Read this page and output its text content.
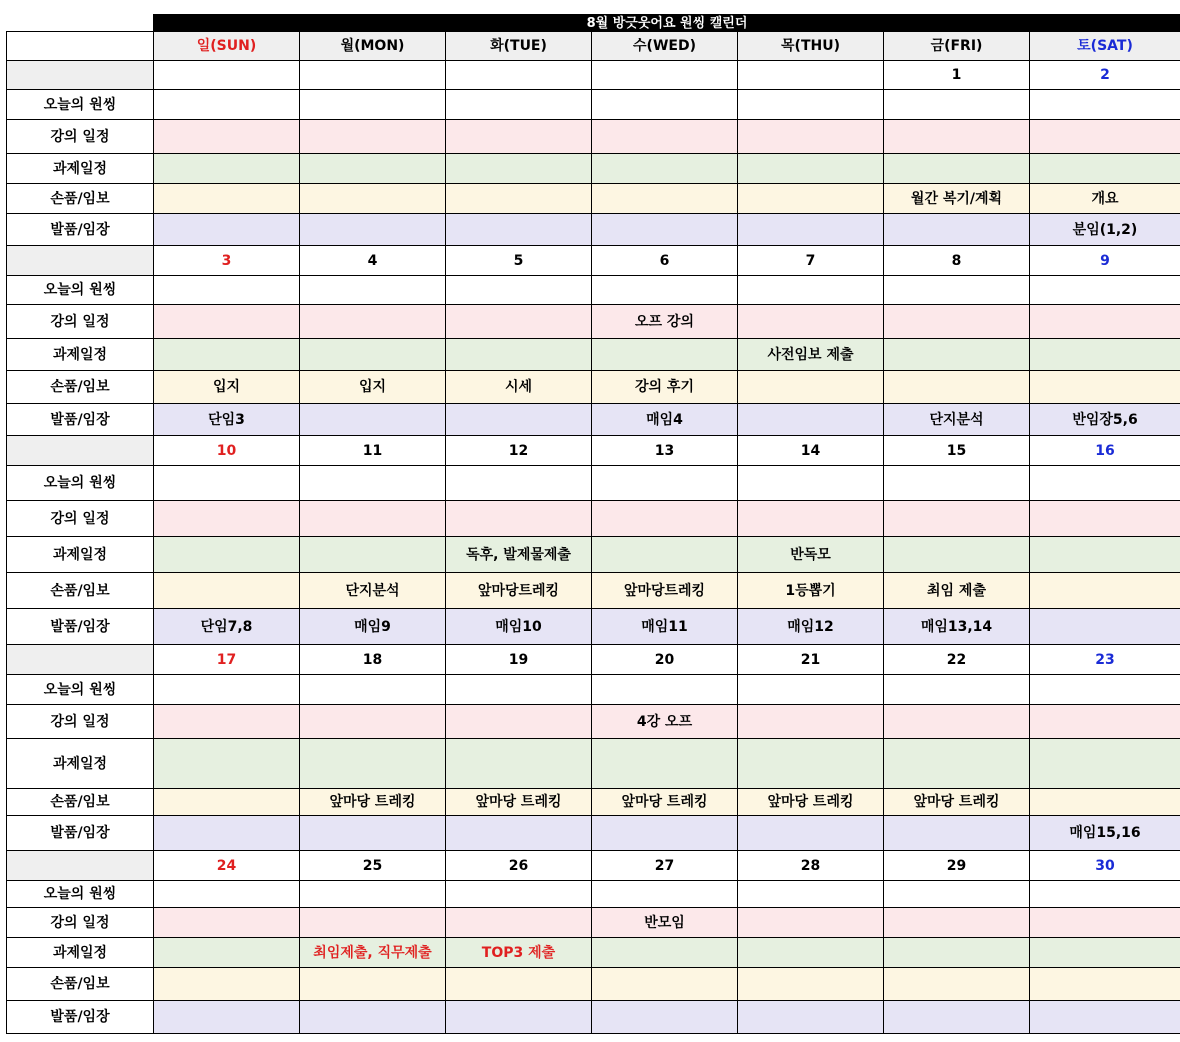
	8월 방긋웃어요 원씽 캘린더						
	일(SUN)	월(MON)	화(TUE)	수(WED)	목(THU)	금(FRI)	토(SAT)
						1	2
오늘의 원씽							
강의 일정							
과제일정							
손품/임보						월간 복기/계획	개요
발품/임장							분임(1,2)
	3	4	5	6	7	8	9
오늘의 원씽							
강의 일정				오프 강의			
과제일정					사전임보 제출		
손품/임보	입지	입지	시세	강의 후기			
발품/임장	단임3			매임4		단지분석	반임장5,6
	10	11	12	13	14	15	16
오늘의 원씽							
강의 일정							
과제일정			독후, 발제물제출		반독모		
손품/임보		단지분석	앞마당트레킹	앞마당트레킹	1등뽑기	최임 제출	
발품/임장	단임7,8	매임9	매임10	매임11	매임12	매임13,14	
	17	18	19	20	21	22	23
오늘의 원씽							
강의 일정				4강 오프			
과제일정							
손품/임보		앞마당 트레킹	앞마당 트레킹	앞마당 트레킹	앞마당 트레킹	앞마당 트레킹	
발품/임장							매임15,16
	24	25	26	27	28	29	30
오늘의 원씽							
강의 일정				반모임			
과제일정		최임제출, 직무제출	TOP3 제출				
손품/임보							
발품/임장							
